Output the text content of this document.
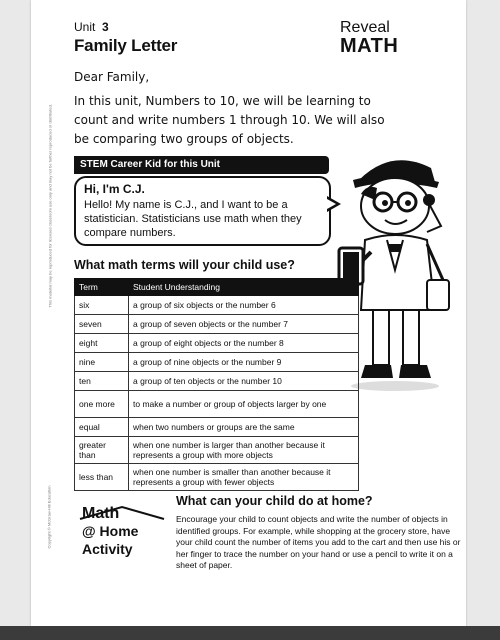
This material may be reproduced for licensed classroom use only and may not be further reproduced or distributed.
Copyright © McGraw-Hill Education
Unit 3
Family Letter
Reveal
MATH

Dear Family,

In this unit, Numbers to 10, we will be learning to count and write numbers 1 through 10. We will also be comparing two groups of objects.

STEM Career Kid for this Unit

Hi, I'm C.J.

Hello! My name is C.J., and I want to be a statistician. Statisticians use math when they compare numbers.

What math terms will your child use?
Term	Student Understanding
six	a group of six objects or the number 6
seven	a group of seven objects or the number 7
eight	a group of eight objects or the number 8
nine	a group of nine objects or the number 9
ten	a group of ten objects or the number 10
one more	to make a number or group of objects larger by one
equal	when two numbers or groups are the same
greater than	when one number is larger than another because it represents a group with more objects
less than	when one number is smaller than another because it represents a group with fewer objects
Math
@ Home
Activity
What can your child do at home?

Encourage your child to count objects and write the number of objects in identified groups. For example, while shopping at the grocery store, have your child count the number of items you add to the cart and then use his or her finger to trace the number on your hand or use a pencil to write it on a sheet of paper.
